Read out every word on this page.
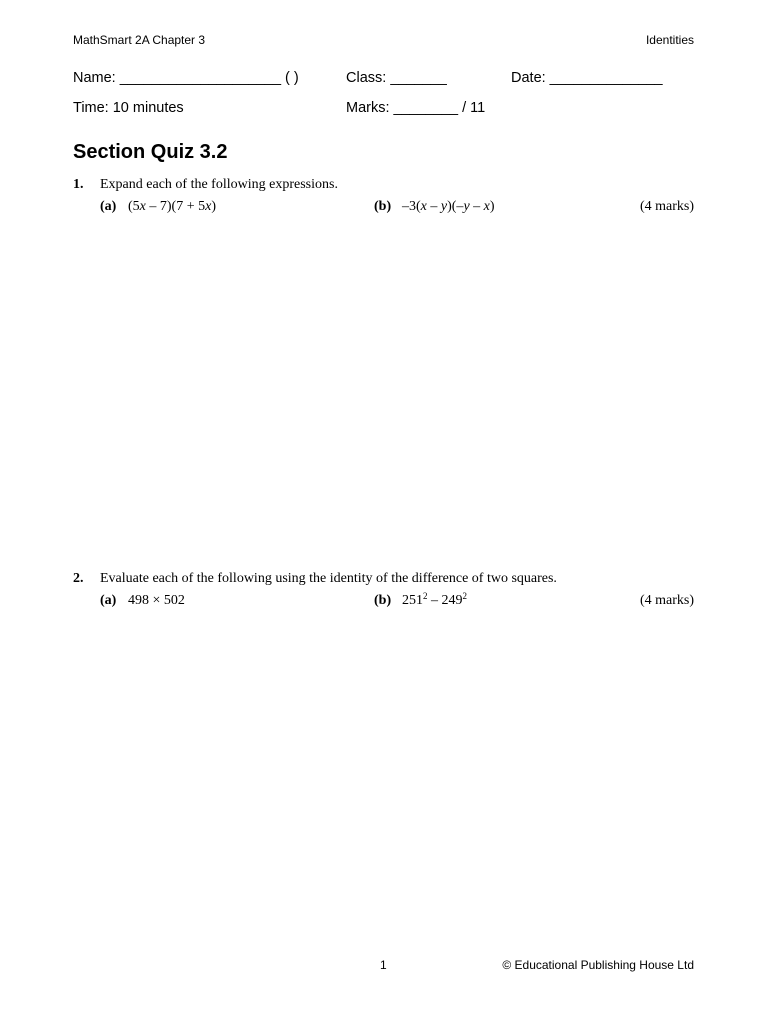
MathSmart 2A Chapter 3	Identities
Name: ____________________ ( )	Class: _______	Date: ______________
Time: 10 minutes	Marks: ________ / 11
Section Quiz 3.2
1. Expand each of the following expressions.
(a) (5x – 7)(7 + 5x)	(b) –3(x – y)(–y – x)	(4 marks)
2. Evaluate each of the following using the identity of the difference of two squares.
(a) 498 × 502	(b) $251^2 - 249^2$	(4 marks)
1	© Educational Publishing House Ltd
